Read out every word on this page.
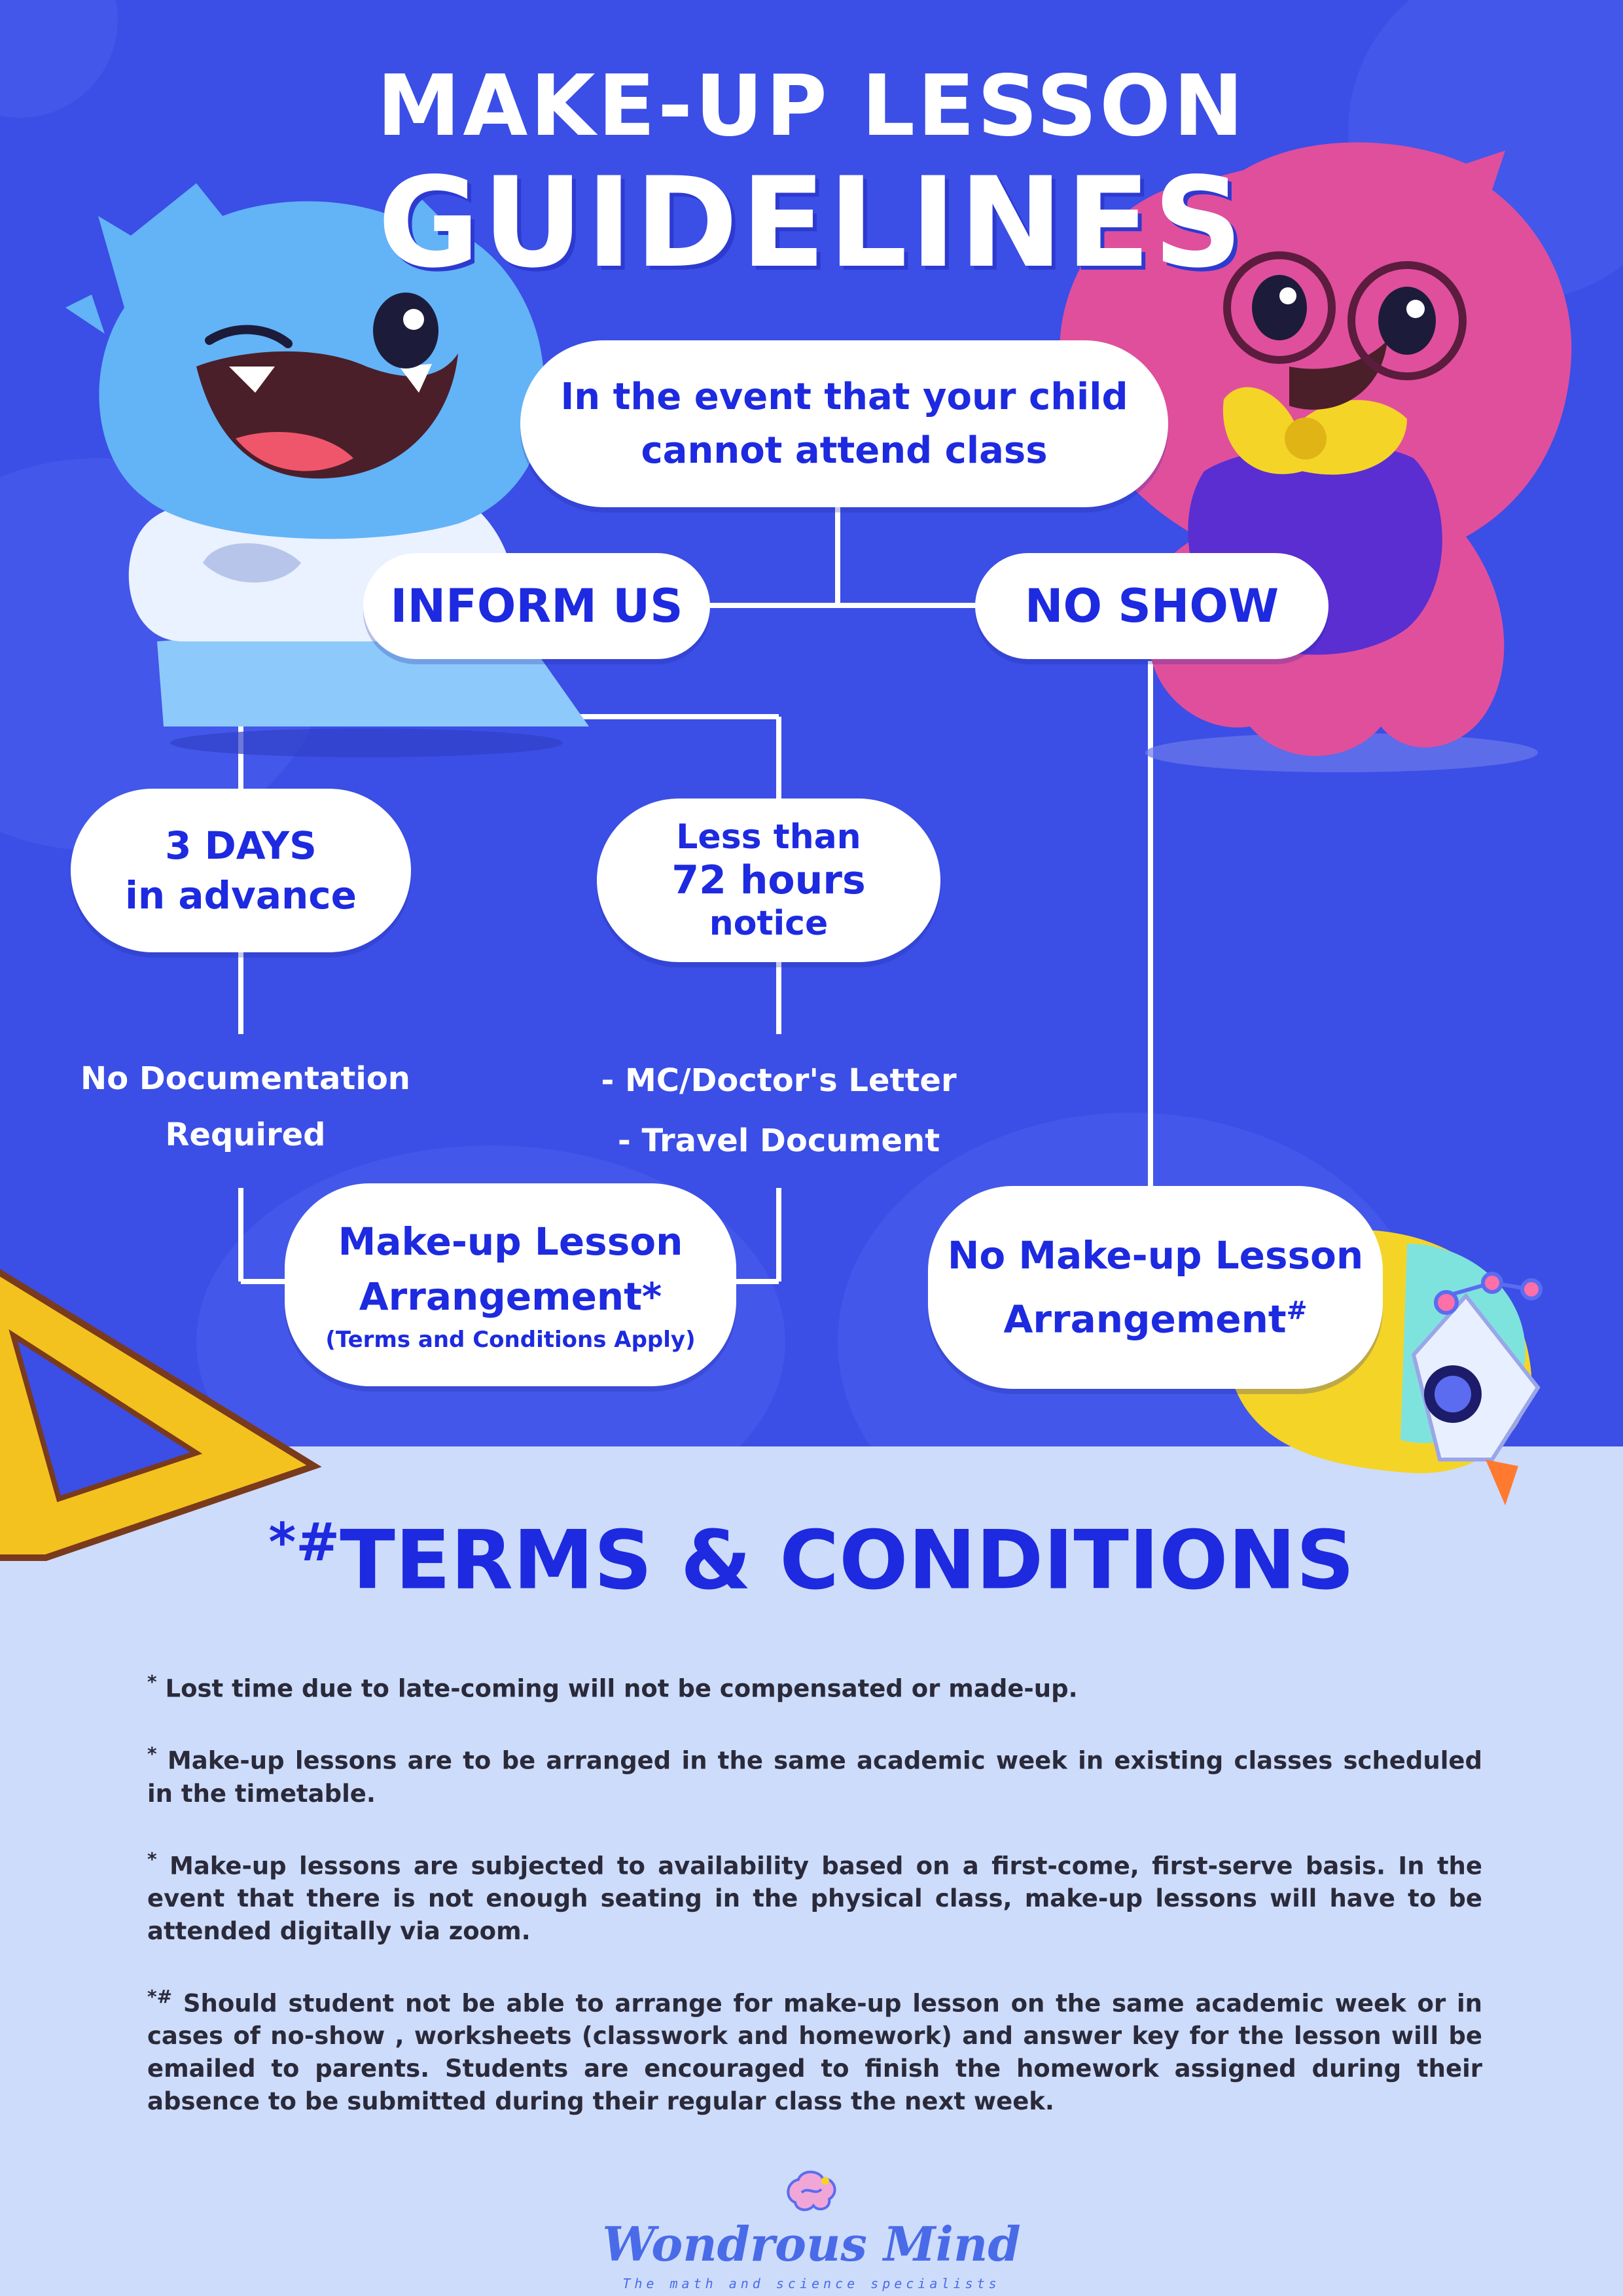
MAKE-UP LESSON
GUIDELINES
In the event that your child
cannot attend class
INFORM US	NO SHOW
3 DAYS
in advance
Less than
72 hours
notice
No Documentation
Required
- MC/Doctor's Letter
- Travel Document
Make-up Lesson
Arrangement*
(Terms and Conditions Apply)
No Make-up Lesson
Arrangement#
*#TERMS & CONDITIONS

* Lost time due to late-coming will not be compensated or made-up.

* Make-up lessons are to be arranged in the same academic week in existing classes scheduled in the timetable.

* Make-up lessons are subjected to availability based on a first-come, first-serve basis. In the event that there is not enough seating in the physical class, make-up lessons will have to be attended digitally via zoom.

*# Should student not be able to arrange for make-up lesson on the same academic week or in cases of no-show , worksheets (classwork and homework) and answer key for the lesson will be emailed to parents. Students are encouraged to finish the homework assigned during their absence to be submitted during their regular class the next week.

Wondrous Mind
The math and science specialists
